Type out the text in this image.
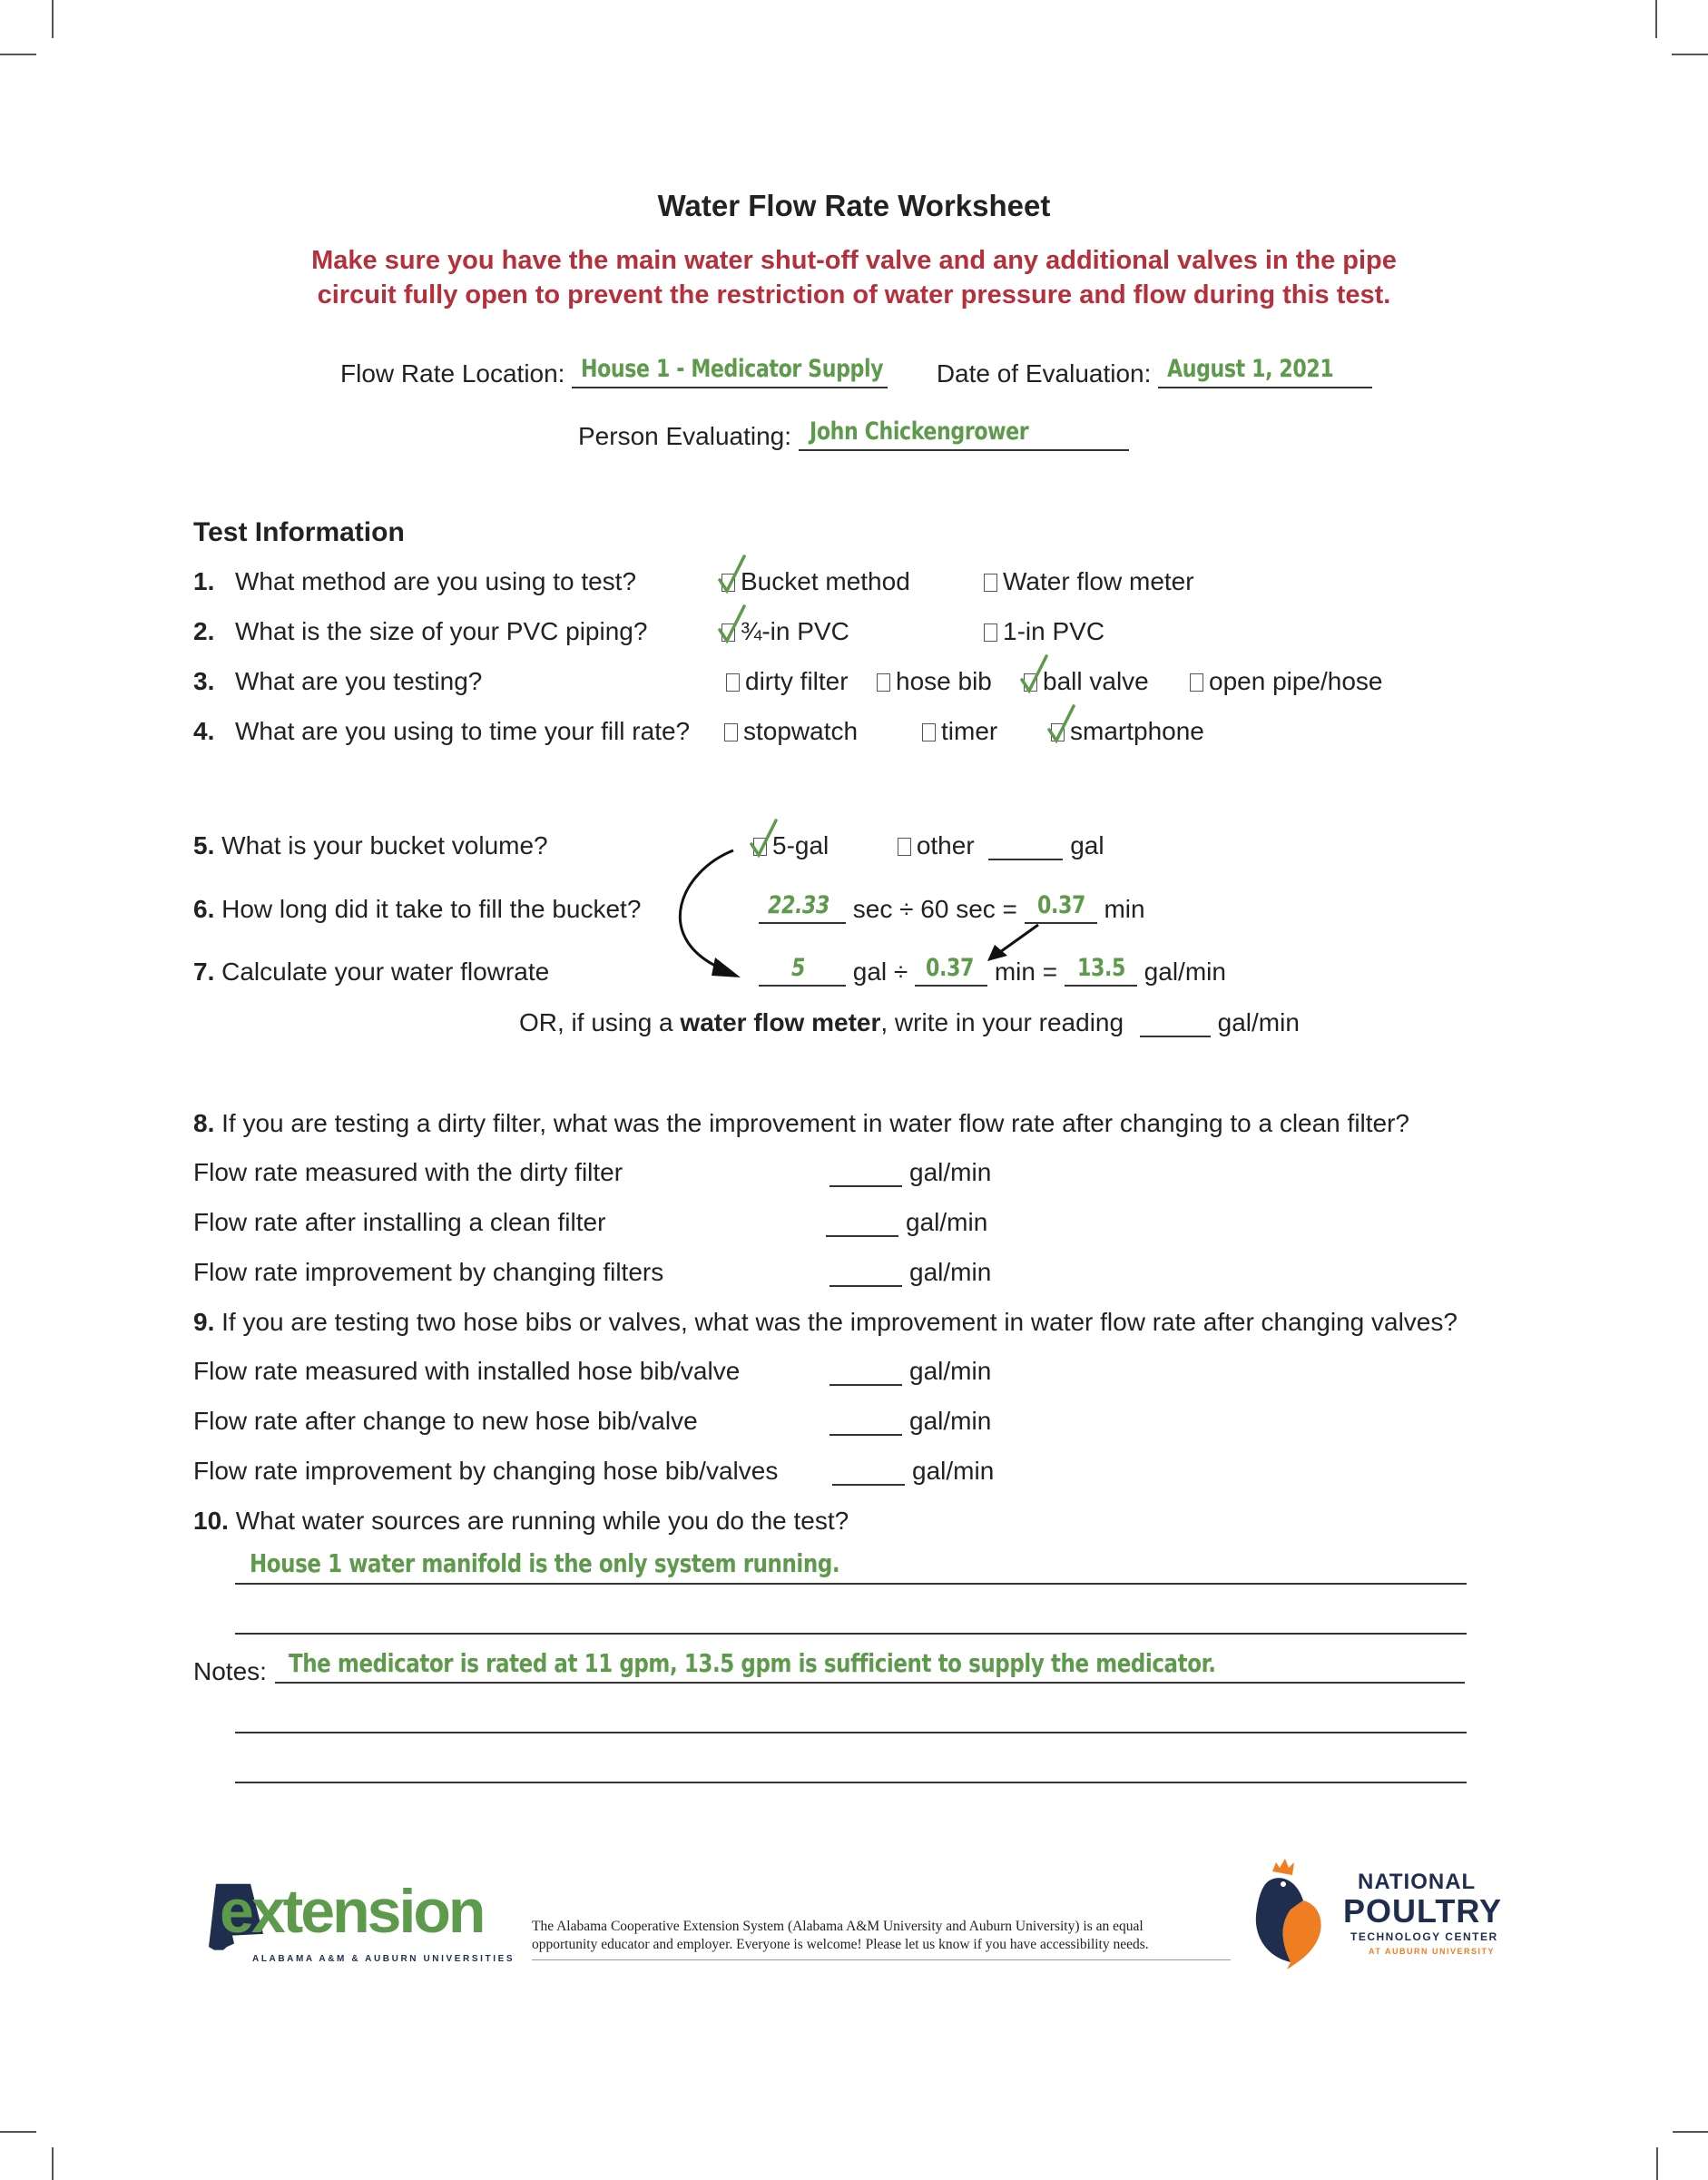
Water Flow Rate Worksheet
Make sure you have the main water shut-off valve and any additional valves in the pipe
circuit fully open to prevent the restriction of water pressure and flow during this test.
Flow Rate Location: House 1 - Medicator Supply Date of Evaluation: August 1, 2021
Person Evaluating: John Chickengrower
Test Information
1. What method are you using to test?	Bucket method	Water flow meter
2. What is the size of your PVC piping?	¾-in PVC	1-in PVC
3. What are you testing?	dirty filter	hose bib	ball valve	open pipe/hose
4. What are you using to time your fill rate?	stopwatch	timer	smartphone
5. What is your bucket volume?	5-gal	other	gal
6. How long did it take to fill the bucket?	22.33 sec ÷ 60 sec = 0.37 min
7. Calculate your water flowrate	5 gal ÷ 0.37 min = 13.5 gal/min
OR, if using a water flow meter, write in your reading	gal/min
8. If you are testing a dirty filter, what was the improvement in water flow rate after changing to a clean filter?
Flow rate measured with the dirty filter	gal/min
Flow rate after installing a clean filter	gal/min
Flow rate improvement by changing filters	gal/min
9. If you are testing two hose bibs or valves, what was the improvement in water flow rate after changing valves?
Flow rate measured with installed hose bib/valve	gal/min
Flow rate after change to new hose bib/valve	gal/min
Flow rate improvement by changing hose bib/valves	gal/min
10. What water sources are running while you do the test?
House 1 water manifold is the only system running.
Notes: The medicator is rated at 11 gpm, 13.5 gpm is sufficient to supply the medicator.
extension
ALABAMA A&M & AUBURN UNIVERSITIES
The Alabama Cooperative Extension System (Alabama A&M University and Auburn University) is an equal
opportunity educator and employer. Everyone is welcome! Please let us know if you have accessibility needs.
NATIONAL
POULTRY
TECHNOLOGY CENTER
AT AUBURN UNIVERSITY
